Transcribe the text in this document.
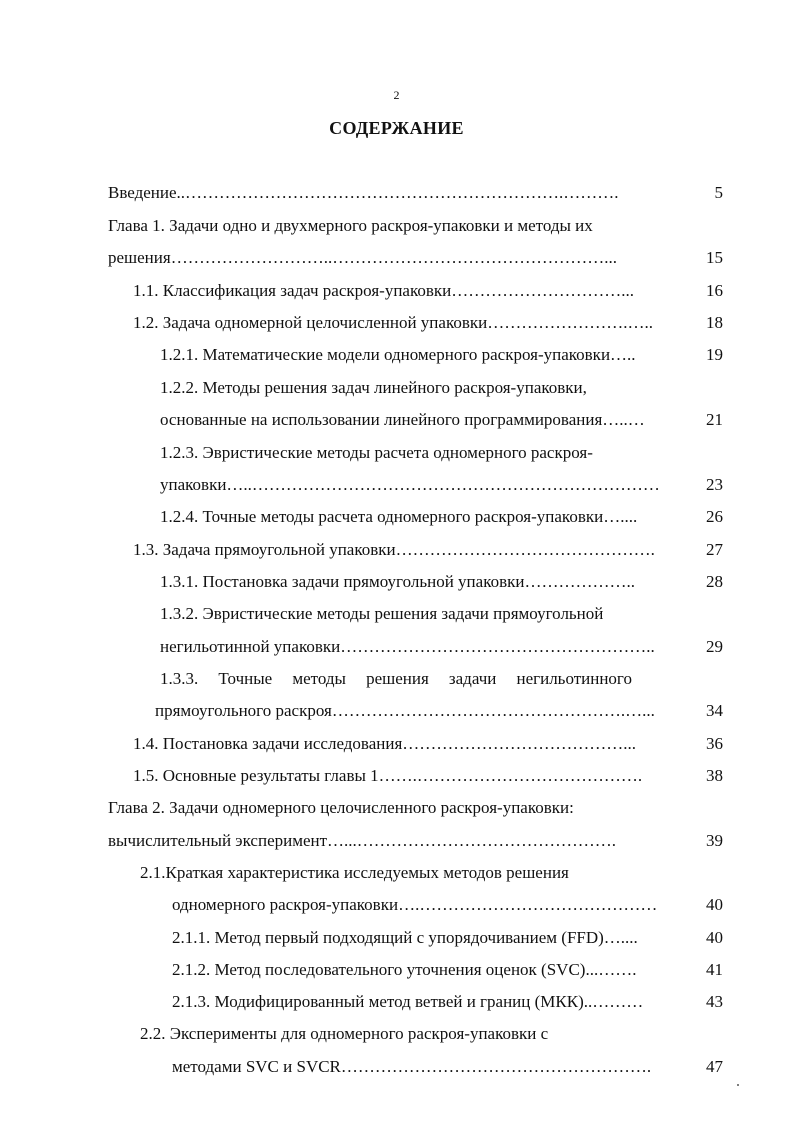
2
СОДЕРЖАНИЕ
Введение..………………………………………………………….……….	5
Глава 1. Задачи одно и двухмерного раскроя-упаковки и методы их
решения………………………..…………………………………………...	15
1.1. Классификация задач раскроя-упаковки…………………………...	16
1.2. Задача одномерной целочисленной упаковки…………………….…..	18
1.2.1. Математические модели одномерного раскроя-упаковки…..	19
1.2.2. Методы решения задач линейного раскроя-упаковки,
основанные на использовании линейного программирования…..…	21
1.2.3. Эвристические методы расчета одномерного раскроя-
упаковки…..………………………………………………………………	23
1.2.4. Точные методы расчета одномерного раскроя-упаковки…....	26
1.3. Задача прямоугольной упаковки……………………………………….	27
1.3.1. Постановка задачи прямоугольной упаковки………………..	28
1.3.2. Эвристические методы решения задачи прямоугольной
негильотинной упаковки………………………………………………..	29
1.3.3. Точные методы решения задачи негильотинного
прямоугольного раскроя…………………………………………….…...	34
1.4. Постановка задачи исследования…………………………………...	36
1.5. Основные результаты главы 1…….………………………………….	38
Глава 2. Задачи одномерного целочисленного раскроя-упаковки:
вычислительный эксперимент…...……………………………………….	39
2.1.Краткая характеристика исследуемых методов решения
одномерного раскроя-упаковки….……………………………………	40
2.1.1. Метод первый подходящий с упорядочиванием (FFD)…....	40
2.1.2. Метод последовательного уточнения оценок (SVC)...…….	41
2.1.3. Модифицированный метод ветвей и границ (МКК)..………	43
2.2. Эксперименты для одномерного раскроя-упаковки с
методами SVC и SVCR……………………………………………….	47
